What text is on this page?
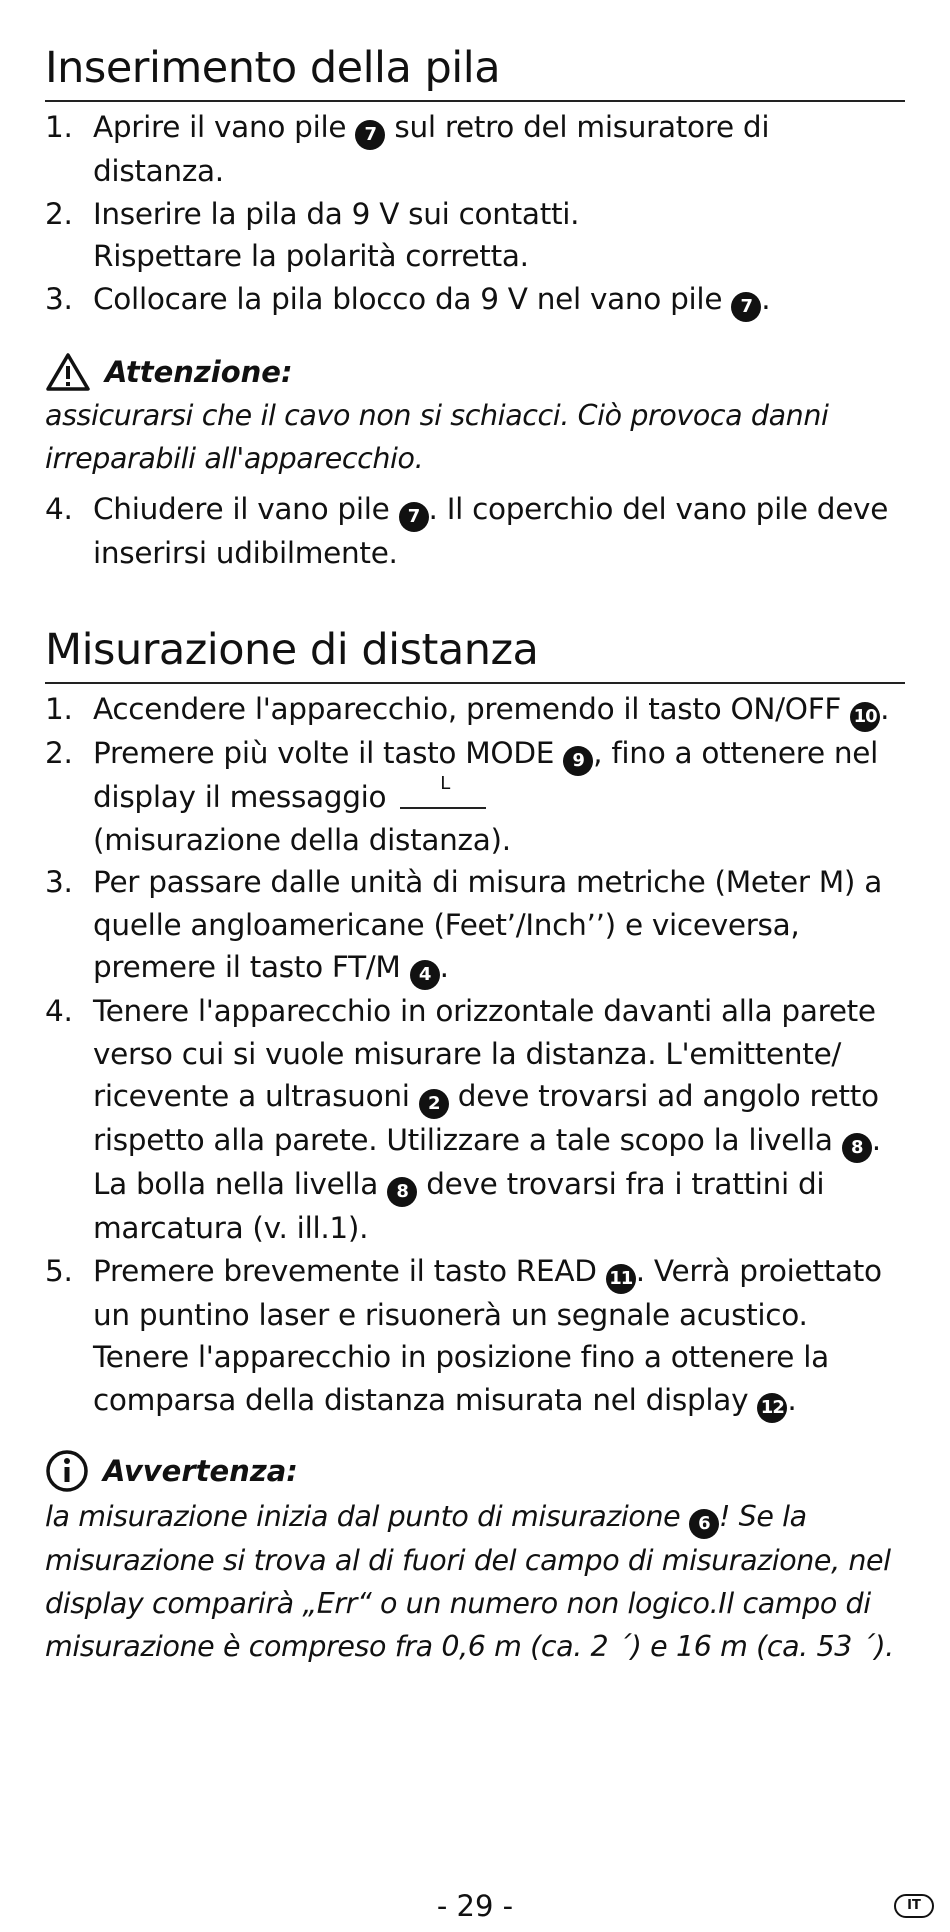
Inserimento della pila
1. Aprire il vano pile 7 sul retro del misuratore di distanza.
2. Inserire la pila da 9 V sui contatti.
Rispettare la polarità corretta.
3. Collocare la pila blocco da 9 V nel vano pile 7 .
Attenzione:

assicurarsi che il cavo non si schiacci. Ciò provoca danni irreparabili all'apparecchio.

4. Chiudere il vano pile 7 . Il coperchio del vano pile deve inserirsi udibilmente.
Misurazione di distanza
1. Accendere l'apparecchio, premendo il tasto ON/OFF 10 .
2. Premere più volte il tasto MODE 9 , fino a ottenere nel display il messaggio	L

(misurazione della distanza).
3. Per passare dalle unità di misura metriche (Meter M) a quelle angloamericane (Feet’/Inch’’) e viceversa, premere il tasto FT/M 4 .
4. Tenere l'apparecchio in orizzontale davanti alla parete verso cui si vuole misurare la distanza. L'emittente/ ricevente a ultrasuoni 2 deve trovarsi ad angolo retto rispetto alla parete. Utilizzare a tale scopo la livella 8 . La bolla nella livella 8 deve trovarsi fra i trattini di marcatura (v. ill.1).
5. Premere brevemente il tasto READ 11 . Verrà proiettato un puntino laser e risuonerà un segnale acustico. Tenere l'apparecchio in posizione fino a ottenere la comparsa della distanza misurata nel display 12 .
Avvertenza:

la misurazione inizia dal punto di misurazione 6 ! Se la misurazione si trova al di fuori del campo di misurazione, nel display comparirà „Err“ o un numero non logico.Il campo di misurazione è compreso fra 0,6 m (ca. 2 ´) e 16 m (ca. 53 ´).

- 29 -	IT
